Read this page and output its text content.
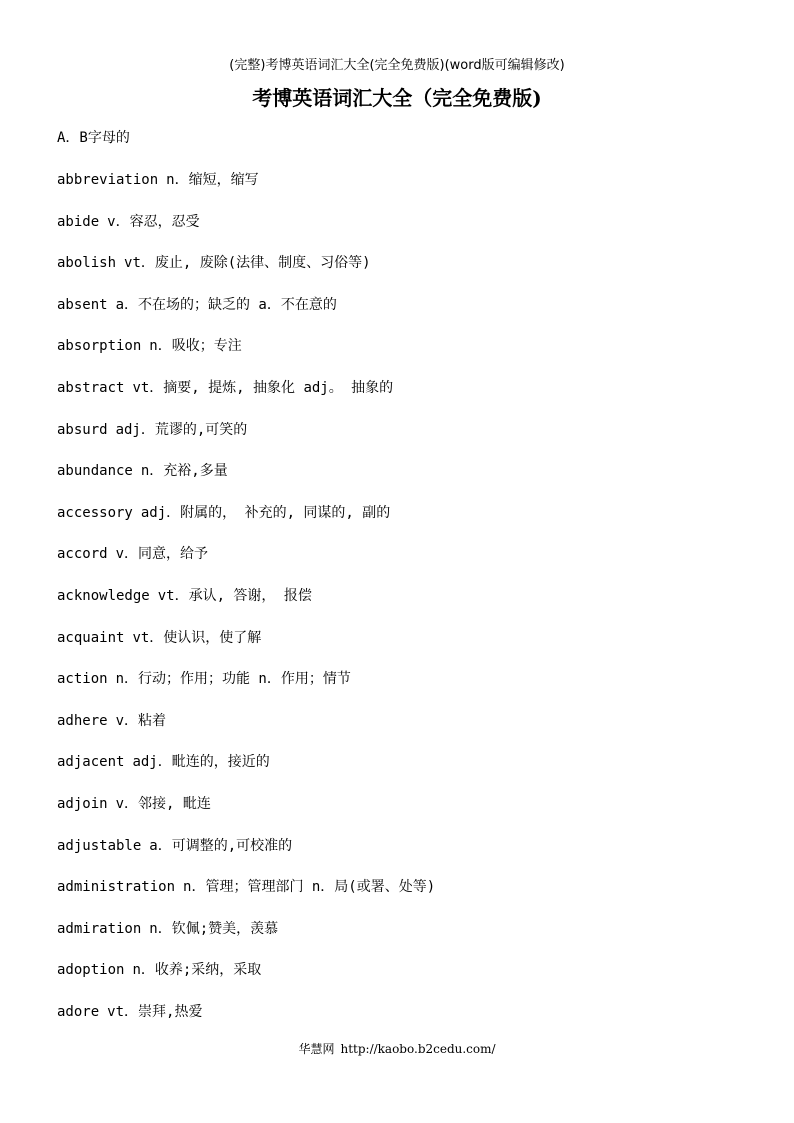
(完整)考博英语词汇大全(完全免费版)(word版可编辑修改)
考博英语词汇大全（完全免费版)
A．B字母的
abbreviation n．缩短，缩写
abide v．容忍，忍受
abolish vt．废止, 废除(法律、制度、习俗等)
absent a．不在场的；缺乏的 a．不在意的
absorption n．吸收；专注
abstract vt．摘要, 提炼, 抽象化 adj。 抽象的
absurd adj．荒谬的,可笑的
abundance n．充裕,多量
accessory adj．附属的， 补充的, 同谋的, 副的
accord v．同意，给予
acknowledge vt．承认, 答谢， 报偿
acquaint vt．使认识，使了解
action n．行动；作用；功能 n．作用；情节
adhere v．粘着
adjacent adj．毗连的，接近的
adjoin v．邻接, 毗连
adjustable a．可调整的,可校准的
administration n．管理；管理部门 n．局(或署、处等)
admiration n．钦佩;赞美，羡慕
adoption n．收养;采纳，采取
adore vt．崇拜,热爱
华慧网 http://kaobo.b2cedu.com/
